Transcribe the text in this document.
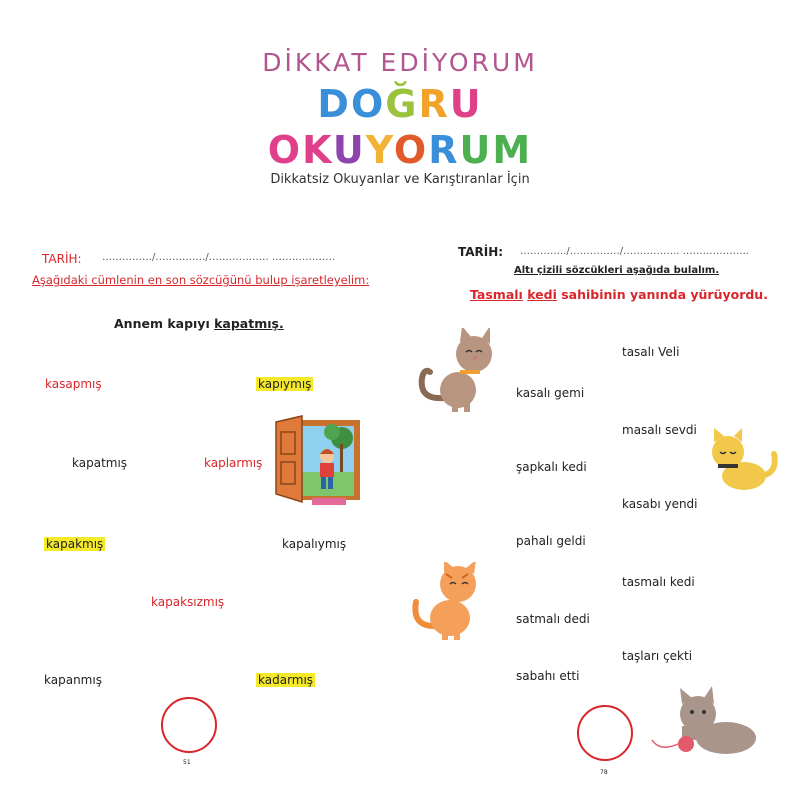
DİKKAT EDİYORUM
DOĞRU
OKUYORUM
Dikkatsiz Okuyanlar ve Karıştıranlar İçin
TARİH: ……………/……………/……………… ……………….
Aşağıdaki cümlenin en son sözcüğünü bulup işaretleyelim:
Annem kapıyı kapatmış.
kasapmış	kapıymış
kapatmış	kaplarmış
kapakmış	kapalıymış
kapaksızmış
kapanmış	kadarmış
51
TARİH: …………../……………/…………….. ………………..
Altı çizili sözcükleri aşağıda bulalım.
Tasmalı kedi sahibinin yanında yürüyordu.
tasalı Veli
kasalı gemi
masalı sevdi
şapkalı kedi
kasabı yendi
pahalı geldi
tasmalı kedi
satmalı dedi
taşları çekti
sabahı etti
78
